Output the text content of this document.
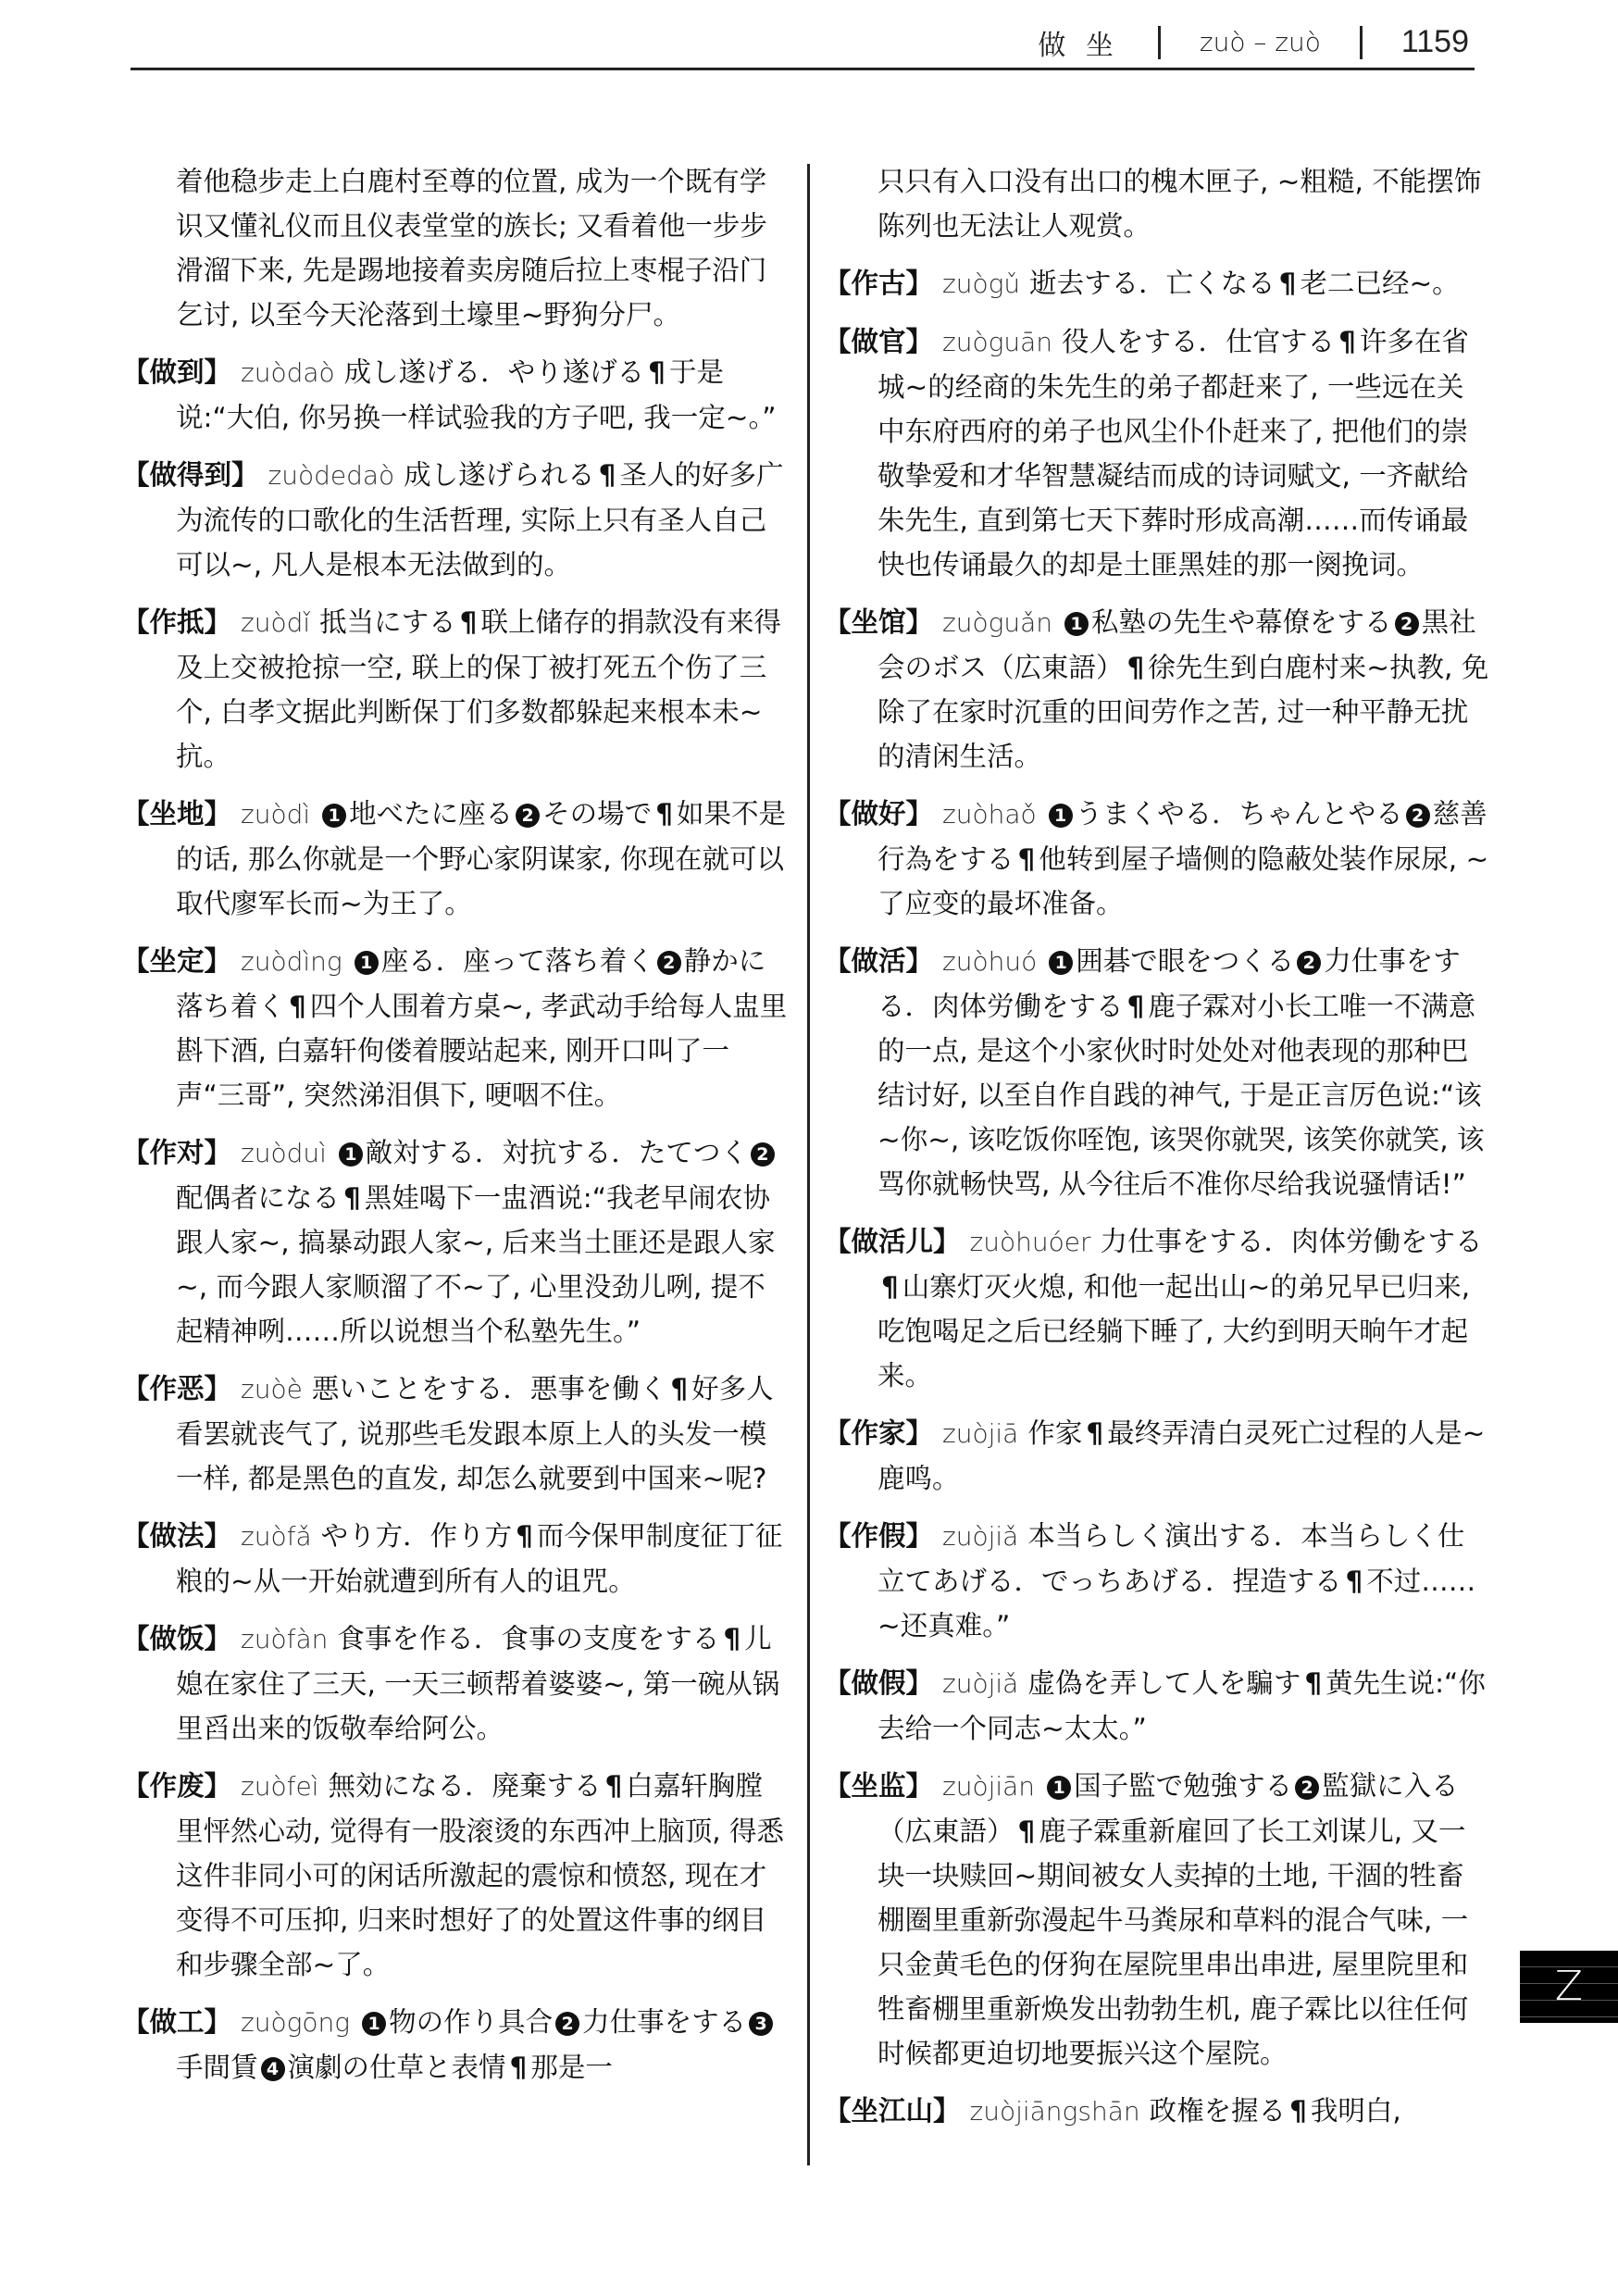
做 坐	zuò – zuò	1159

着他稳步走上白鹿村至尊的位置, 成为一个既有学识又懂礼仪而且仪表堂堂的族长; 又看着他一步步滑溜下来, 先是踢地接着卖房随后拉上枣棍子沿门乞讨, 以至今天沦落到土壕里~野狗分尸。

【做到】 zuòdaò 成し遂げる．やり遂げる ¶ 于是说:“大伯, 你另换一样试验我的方子吧, 我一定~。”

【做得到】 zuòdedaò 成し遂げられる ¶ 圣人的好多广为流传的口歌化的生活哲理, 实际上只有圣人自己可以~, 凡人是根本无法做到的。

【作抵】 zuòdǐ 抵当にする ¶ 联上储存的捐款没有来得及上交被抢掠一空, 联上的保丁被打死五个伤了三个, 白孝文据此判断保丁们多数都躲起来根本未~抗。

【坐地】 zuòdì 1 地べたに座る 2 その場で ¶ 如果不是的话, 那么你就是一个野心家阴谋家, 你现在就可以取代廖军长而~为王了。

【坐定】 zuòdìng 1 座る．座って落ち着く 2 静かに落ち着く ¶ 四个人围着方桌~, 孝武动手给每人盅里斟下酒, 白嘉轩佝偻着腰站起来, 刚开口叫了一声“三哥”, 突然涕泪俱下, 哽咽不住。

【作对】 zuòduì 1 敵対する．対抗する．たてつく 2配偶者になる ¶ 黑娃喝下一盅酒说:“我老早闹农协跟人家~, 搞暴动跟人家~, 后来当土匪还是跟人家~, 而今跟人家顺溜了不~了, 心里没劲儿咧, 提不起精神咧……所以说想当个私塾先生。”

【作恶】 zuòè 悪いことをする．悪事を働く ¶ 好多人看罢就丧气了, 说那些毛发跟本原上人的头发一模一样, 都是黑色的直发, 却怎么就要到中国来~呢?

【做法】 zuòfǎ やり方．作り方 ¶ 而今保甲制度征丁征粮的~从一开始就遭到所有人的诅咒。

【做饭】 zuòfàn 食事を作る．食事の支度をする ¶ 儿媳在家住了三天, 一天三顿帮着婆婆~, 第一碗从锅里舀出来的饭敬奉给阿公。

【作废】 zuòfeì 無効になる．廃棄する ¶ 白嘉轩胸膛里怦然心动, 觉得有一股滚烫的东西冲上脑顶, 得悉这件非同小可的闲话所激起的震惊和愤怒, 现在才变得不可压抑, 归来时想好了的处置这件事的纲目和步骤全部~了。

【做工】 zuògōng 1 物の作り具合 2 力仕事をする 3手間賃 4 演劇の仕草と表情 ¶ 那是一

只只有入口没有出口的槐木匣子, ~粗糙, 不能摆饰陈列也无法让人观赏。

【作古】 zuògǔ 逝去する．亡くなる ¶ 老二已经~。

【做官】 zuòguān 役人をする．仕官する ¶ 许多在省城~的经商的朱先生的弟子都赶来了, 一些远在关中东府西府的弟子也风尘仆仆赶来了, 把他们的崇敬挚爱和才华智慧凝结而成的诗词赋文, 一齐献给朱先生, 直到第七天下葬时形成高潮……而传诵最快也传诵最久的却是土匪黑娃的那一阕挽词。

【坐馆】 zuòguǎn 1 私塾の先生や幕僚をする 2 黒社会のボス（広東語） ¶ 徐先生到白鹿村来~执教, 免除了在家时沉重的田间劳作之苦, 过一种平静无扰的清闲生活。

【做好】 zuòhaǒ 1 うまくやる．ちゃんとやる 2 慈善行為をする ¶ 他转到屋子墙侧的隐蔽处装作尿尿, ~了应变的最坏准备。

【做活】 zuòhuó 1 囲碁で眼をつくる 2 力仕事をする．肉体労働をする ¶ 鹿子霖对小长工唯一不满意的一点, 是这个小家伙时时处处对他表现的那种巴结讨好, 以至自作自践的神气, 于是正言厉色说:“该~你~, 该吃饭你咥饱, 该哭你就哭, 该笑你就笑, 该骂你就畅快骂, 从今往后不准你尽给我说骚情话!”

【做活儿】 zuòhuóer 力仕事をする．肉体労働をする¶ 山寨灯灭火熄, 和他一起出山~的弟兄早已归来, 吃饱喝足之后已经躺下睡了, 大约到明天晌午才起来。

【作家】 zuòjiā 作家 ¶ 最终弄清白灵死亡过程的人是~鹿鸣。

【作假】 zuòjiǎ 本当らしく演出する．本当らしく仕立てあげる．でっちあげる．捏造する ¶ 不过……~还真难。”

【做假】 zuòjiǎ 虚偽を弄して人を騙す ¶ 黄先生说:“你去给一个同志~太太。”

【坐监】 zuòjiān 1 国子監で勉強する 2 監獄に入る（広東語） ¶ 鹿子霖重新雇回了长工刘谋儿, 又一块一块赎回~期间被女人卖掉的土地, 干涸的牲畜棚圈里重新弥漫起牛马粪尿和草料的混合气味, 一只金黄毛色的伢狗在屋院里串出串进, 屋里院里和牲畜棚里重新焕发出勃勃生机, 鹿子霖比以往任何时候都更迫切地要振兴这个屋院。

【坐江山】 zuòjiāngshān 政権を握る ¶ 我明白,

Z
